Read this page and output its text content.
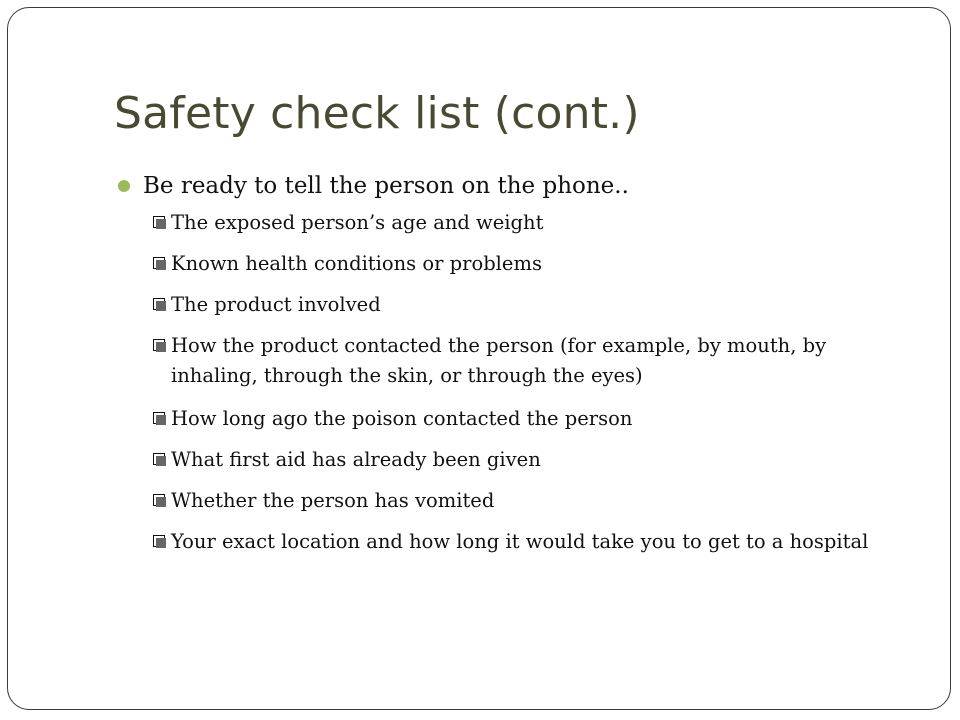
Safety check list (cont.)
Be ready to tell the person on the phone..
The exposed person’s age and weight
Known health conditions or problems
The product involved
How the product contacted the person (for example, by mouth, by inhaling, through the skin, or through the eyes)
How long ago the poison contacted the person
What first aid has already been given
Whether the person has vomited
Your exact location and how long it would take you to get to a hospital
